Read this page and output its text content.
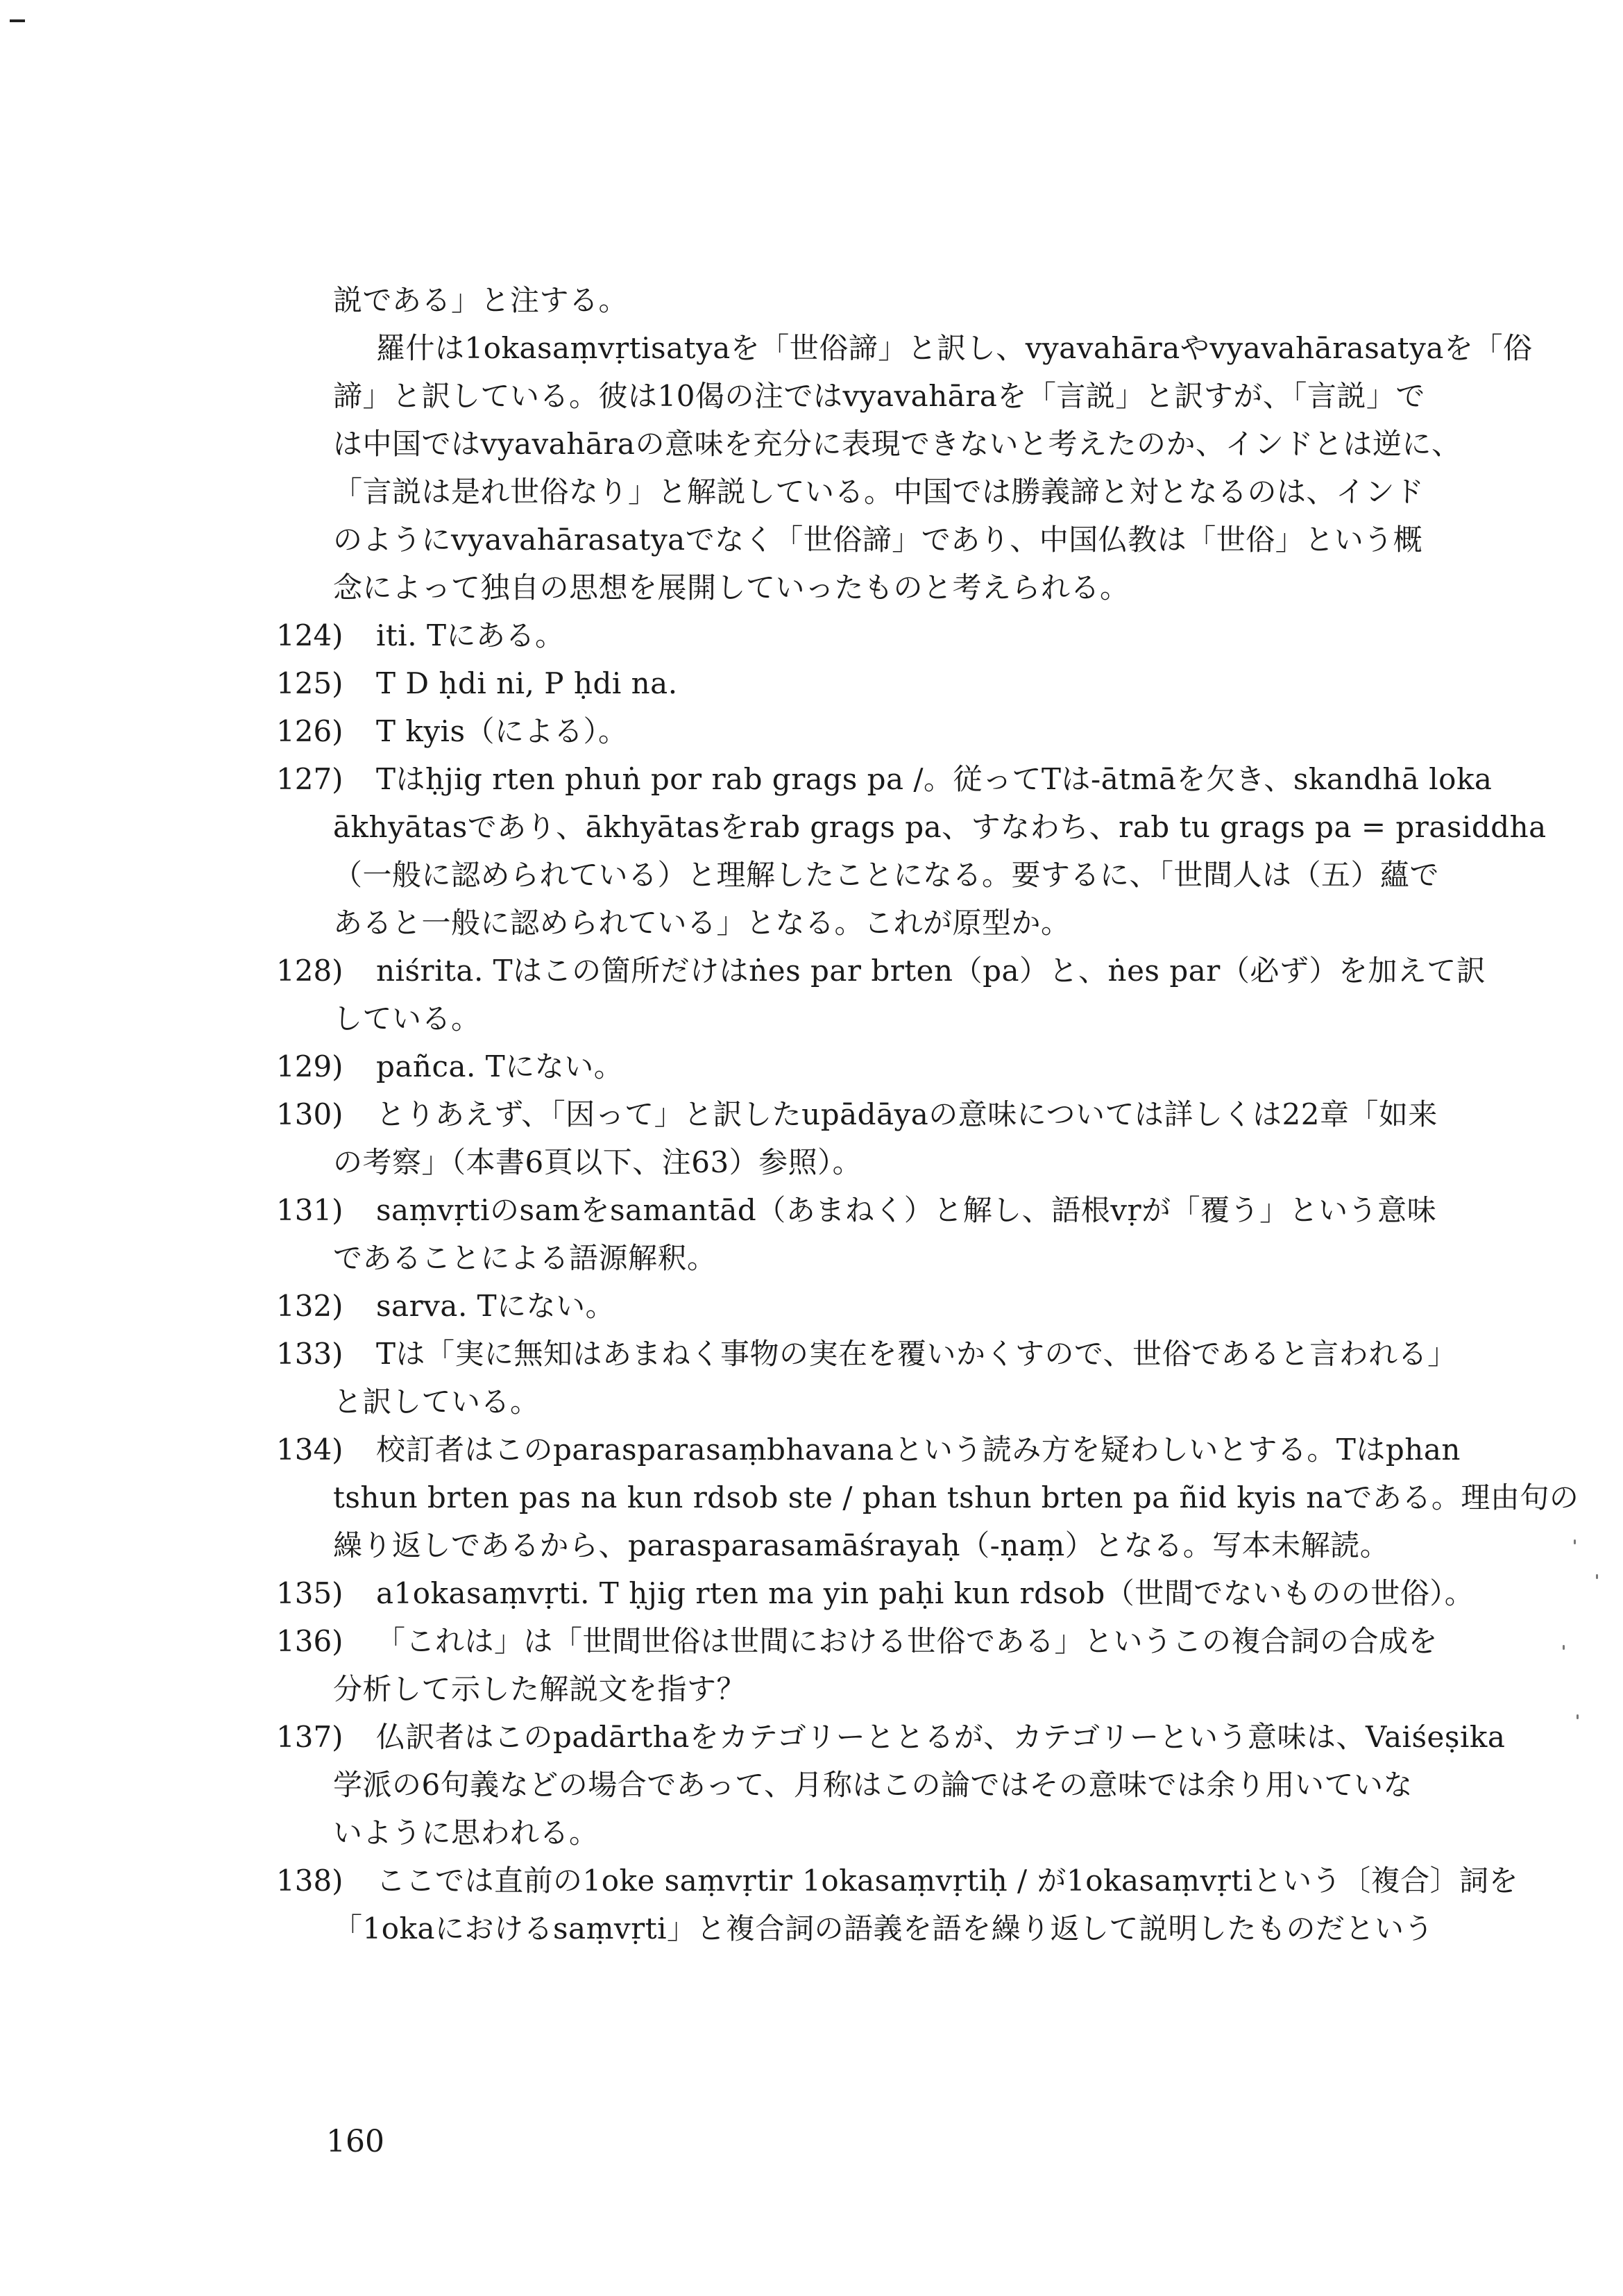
説である」と注する。
羅什は1okasaṃvṛtisatyaを「世俗諦」と訳し、vyavahāraやvyavahārasatyaを「俗
諦」と訳している。彼は10偈の注ではvyavahāraを「言説」と訳すが、「言説」で
は中国ではvyavahāraの意味を充分に表現できないと考えたのか、インドとは逆に、
「言説は是れ世俗なり」と解説している。中国では勝義諦と対となるのは、インド
のようにvyavahārasatyaでなく「世俗諦」であり、中国仏教は「世俗」という概
念によって独自の思想を展開していったものと考えられる。
124)	iti. Tにある。
125)	T D ḥdi ni, P ḥdi na.
126)	T kyis（による）。
127)	Tはḥjig rten phuṅ por rab grags pa /。従ってTは-ātmāを欠き、skandhā loka
ākhyātasであり、ākhyātasをrab grags pa、すなわち、rab tu grags pa = prasiddha
（一般に認められている）と理解したことになる。要するに、「世間人は（五）蘊で
あると一般に認められている」となる。これが原型か。
128)	niśrita. Tはこの箇所だけはṅes par brten（pa）と、ṅes par（必ず）を加えて訳
している。
129)	pañca. Tにない。
130)	とりあえず、「因って」と訳したupādāyaの意味については詳しくは22章「如来
の考察」（本書6頁以下、注63）参照）。
131)	saṃvṛtiのsamをsamantād（あまねく）と解し、語根vṛが「覆う」という意味
であることによる語源解釈。
132)	sarva. Tにない。
133)	Tは「実に無知はあまねく事物の実在を覆いかくすので、世俗であると言われる」
と訳している。
134)	校訂者はこのparasparasaṃbhavanaという読み方を疑わしいとする。Tはphan
tshun brten pas na kun rdsob ste / phan tshun brten pa ñid kyis naである。理由句の
繰り返しであるから、parasparasamāśrayaḥ（-ṇaṃ）となる。写本未解読。
135)	a1okasaṃvṛti. T ḥjig rten ma yin paḥi kun rdsob（世間でないものの世俗）。
136)	「これは」は「世間世俗は世間における世俗である」というこの複合詞の合成を
分析して示した解説文を指す？
137)	仏訳者はこのpadārthaをカテゴリーととるが、カテゴリーという意味は、Vaiśeṣika
学派の6句義などの場合であって、月称はこの論ではその意味では余り用いていな
いように思われる。
138)	ここでは直前の1oke saṃvṛtir 1okasaṃvṛtiḥ / が1okasaṃvṛtiという〔複合〕詞を
「1okaにおけるsaṃvṛti」と複合詞の語義を語を繰り返して説明したものだという
160
